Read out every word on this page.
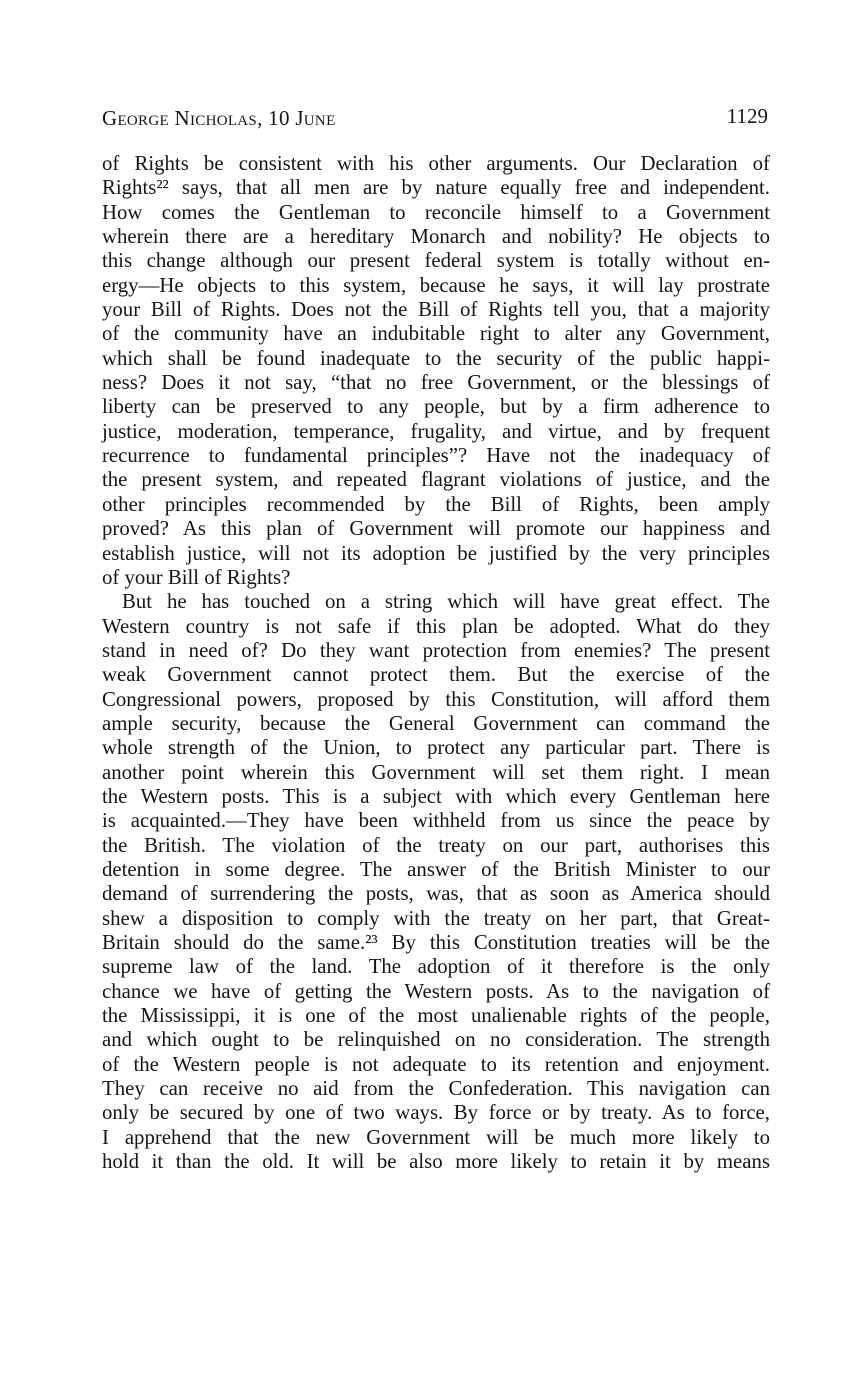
George Nicholas, 10 June	1129
of Rights be consistent with his other arguments. Our Declaration of
Rights²² says, that all men are by nature equally free and independent.
How comes the Gentleman to reconcile himself to a Government
wherein there are a hereditary Monarch and nobility? He objects to
this change although our present federal system is totally without en-
ergy—He objects to this system, because he says, it will lay prostrate
your Bill of Rights. Does not the Bill of Rights tell you, that a majority
of the community have an indubitable right to alter any Government,
which shall be found inadequate to the security of the public happi-
ness? Does it not say, “that no free Government, or the blessings of
liberty can be preserved to any people, but by a firm adherence to
justice, moderation, temperance, frugality, and virtue, and by frequent
recurrence to fundamental principles”? Have not the inadequacy of
the present system, and repeated flagrant violations of justice, and the
other principles recommended by the Bill of Rights, been amply
proved? As this plan of Government will promote our happiness and
establish justice, will not its adoption be justified by the very principles
of your Bill of Rights?
But he has touched on a string which will have great effect. The
Western country is not safe if this plan be adopted. What do they
stand in need of? Do they want protection from enemies? The present
weak Government cannot protect them. But the exercise of the
Congressional powers, proposed by this Constitution, will afford them
ample security, because the General Government can command the
whole strength of the Union, to protect any particular part. There is
another point wherein this Government will set them right. I mean
the Western posts. This is a subject with which every Gentleman here
is acquainted.—They have been withheld from us since the peace by
the British. The violation of the treaty on our part, authorises this
detention in some degree. The answer of the British Minister to our
demand of surrendering the posts, was, that as soon as America should
shew a disposition to comply with the treaty on her part, that Great-
Britain should do the same.²³ By this Constitution treaties will be the
supreme law of the land. The adoption of it therefore is the only
chance we have of getting the Western posts. As to the navigation of
the Mississippi, it is one of the most unalienable rights of the people,
and which ought to be relinquished on no consideration. The strength
of the Western people is not adequate to its retention and enjoyment.
They can receive no aid from the Confederation. This navigation can
only be secured by one of two ways. By force or by treaty. As to force,
I apprehend that the new Government will be much more likely to
hold it than the old. It will be also more likely to retain it by means
